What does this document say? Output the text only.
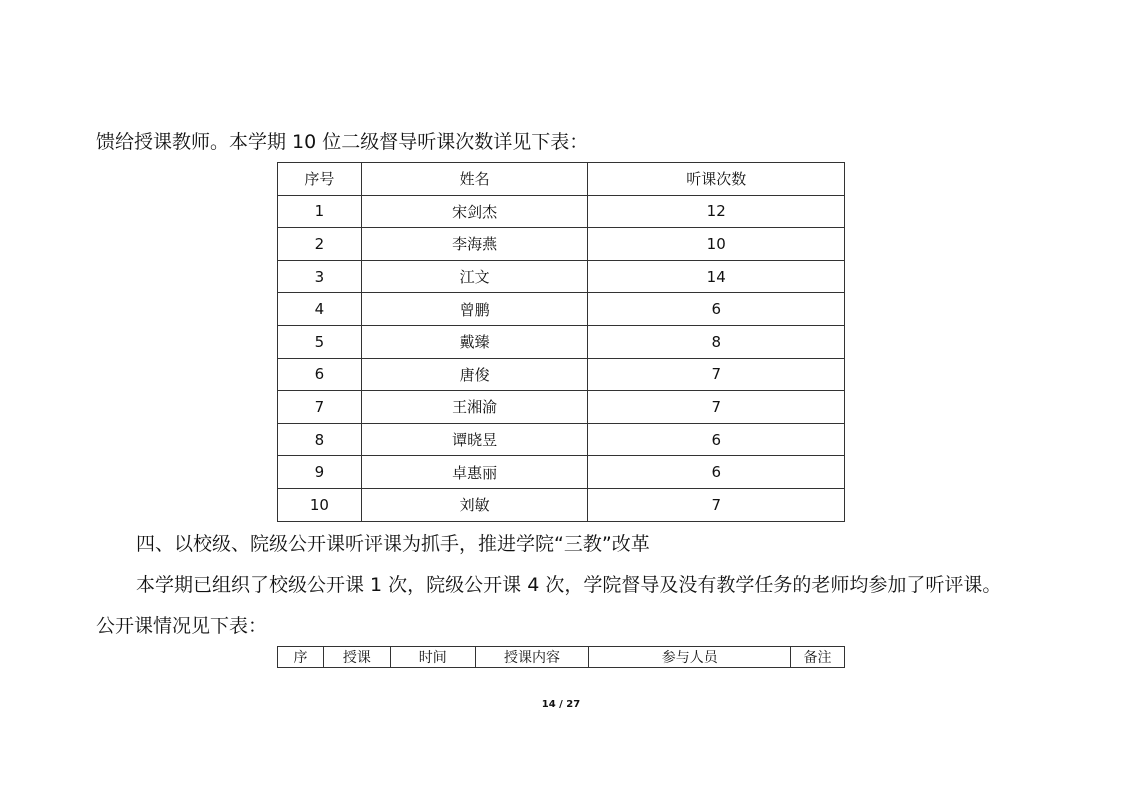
馈给授课教师。本学期 10 位二级督导听课次数详见下表：
序号	姓名	听课次数
1	宋剑杰	12
2	李海燕	10
3	江文	14
4	曾鹏	6
5	戴臻	8
6	唐俊	7
7	王湘渝	7
8	谭晓昱	6
9	卓惠丽	6
10	刘敏	7
四、以校级、院级公开课听评课为抓手，推进学院“三教”改革
本学期已组织了校级公开课 1 次，院级公开课 4 次，学院督导及没有教学任务的老师均参加了听评课。
公开课情况见下表：
序	授课	时间	授课内容	参与人员	备注
14 / 27
